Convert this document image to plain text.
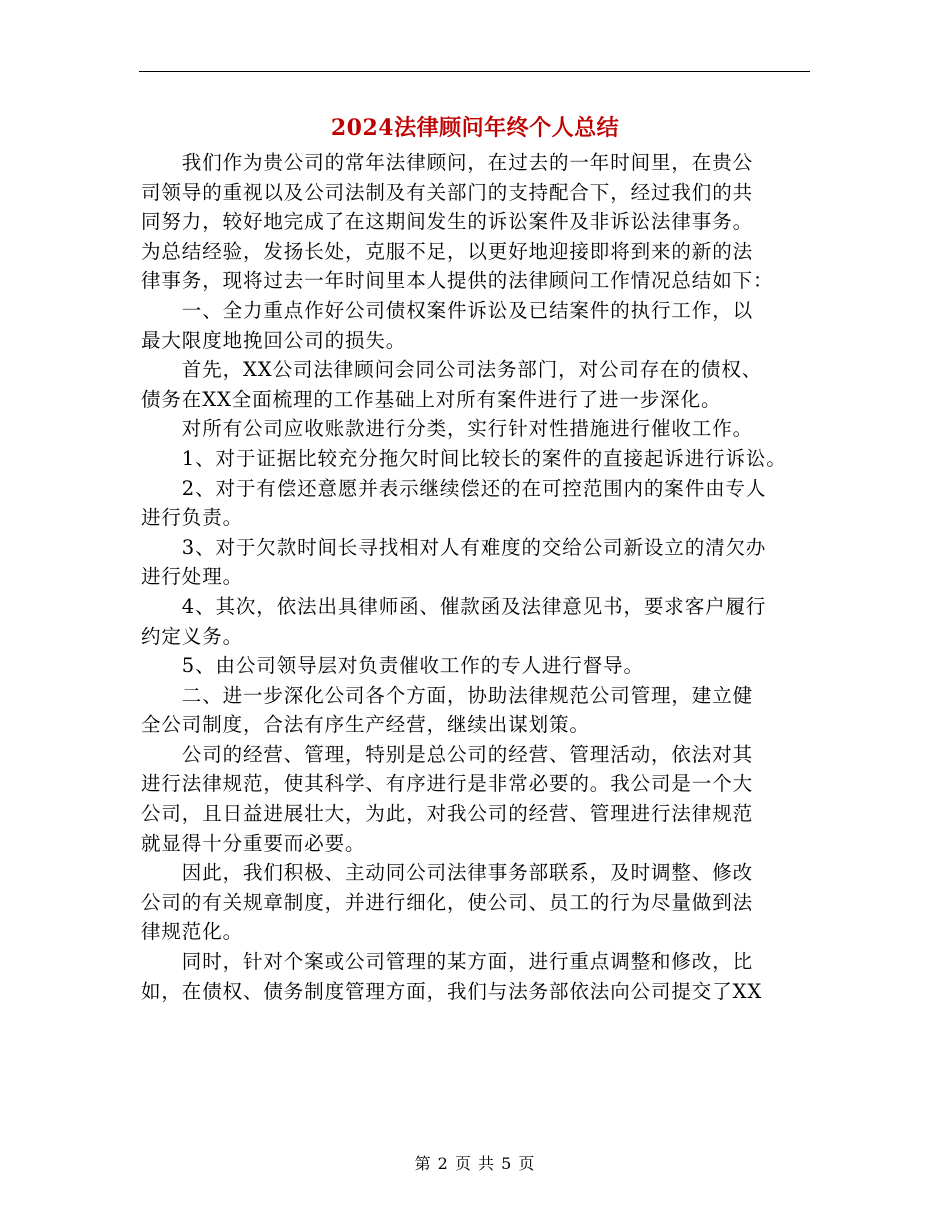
2024法律顾问年终个人总结

　　我们作为贵公司的常年法律顾问，在过去的一年时间里，在贵公
司领导的重视以及公司法制及有关部门的支持配合下，经过我们的共
同努力，较好地完成了在这期间发生的诉讼案件及非诉讼法律事务。
为总结经验，发扬长处，克服不足，以更好地迎接即将到来的新的法
律事务，现将过去一年时间里本人提供的法律顾问工作情况总结如下：

　　一、全力重点作好公司债权案件诉讼及已结案件的执行工作，以
最大限度地挽回公司的损失。

　　首先，XX公司法律顾问会同公司法务部门，对公司存在的债权、
债务在XX全面梳理的工作基础上对所有案件进行了进一步深化。

　　对所有公司应收账款进行分类，实行针对性措施进行催收工作。

　　1、对于证据比较充分拖欠时间比较长的案件的直接起诉进行诉讼。

　　2、对于有偿还意愿并表示继续偿还的在可控范围内的案件由专人
进行负责。

　　3、对于欠款时间长寻找相对人有难度的交给公司新设立的清欠办
进行处理。

　　4、其次，依法出具律师函、催款函及法律意见书，要求客户履行
约定义务。

　　5、由公司领导层对负责催收工作的专人进行督导。

　　二、进一步深化公司各个方面，协助法律规范公司管理，建立健
全公司制度，合法有序生产经营，继续出谋划策。

　　公司的经营、管理，特别是总公司的经营、管理活动，依法对其
进行法律规范，使其科学、有序进行是非常必要的。我公司是一个大
公司，且日益进展壮大，为此，对我公司的经营、管理进行法律规范
就显得十分重要而必要。

　　因此，我们积极、主动同公司法律事务部联系，及时调整、修改
公司的有关规章制度，并进行细化，使公司、员工的行为尽量做到法
律规范化。

　　同时，针对个案或公司管理的某方面，进行重点调整和修改，比
如，在债权、债务制度管理方面，我们与法务部依法向公司提交了XX

第 2 页 共 5 页
